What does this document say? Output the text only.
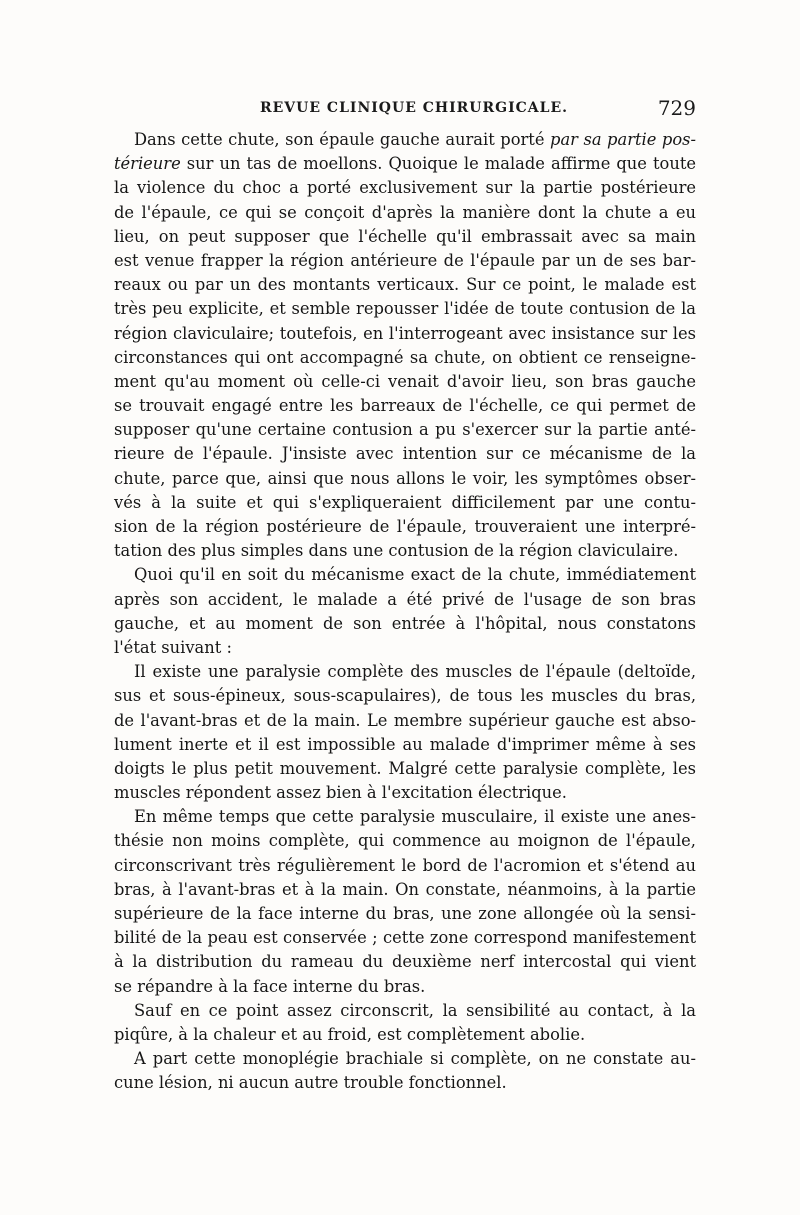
REVUE CLINIQUE CHIRURGICALE.	729
Dans cette chute, son épaule gauche aurait porté par sa partie pos-
térieure sur un tas de moellons. Quoique le malade affirme que toute
la violence du choc a porté exclusivement sur la partie postérieure
de l'épaule, ce qui se conçoit d'après la manière dont la chute a eu
lieu, on peut supposer que l'échelle qu'il embrassait avec sa main
est venue frapper la région antérieure de l'épaule par un de ses bar-
reaux ou par un des montants verticaux. Sur ce point, le malade est
très peu explicite, et semble repousser l'idée de toute contusion de la
région claviculaire; toutefois, en l'interrogeant avec insistance sur les
circonstances qui ont accompagné sa chute, on obtient ce renseigne-
ment qu'au moment où celle-ci venait d'avoir lieu, son bras gauche
se trouvait engagé entre les barreaux de l'échelle, ce qui permet de
supposer qu'une certaine contusion a pu s'exercer sur la partie anté-
rieure de l'épaule. J'insiste avec intention sur ce mécanisme de la
chute, parce que, ainsi que nous allons le voir, les symptômes obser-
vés à la suite et qui s'expliqueraient difficilement par une contu-
sion de la région postérieure de l'épaule, trouveraient une interpré-
tation des plus simples dans une contusion de la région claviculaire.
Quoi qu'il en soit du mécanisme exact de la chute, immédiatement
après son accident, le malade a été privé de l'usage de son bras
gauche, et au moment de son entrée à l'hôpital, nous constatons
l'état suivant :
Il existe une paralysie complète des muscles de l'épaule (deltoïde,
sus et sous-épineux, sous-scapulaires), de tous les muscles du bras,
de l'avant-bras et de la main. Le membre supérieur gauche est abso-
lument inerte et il est impossible au malade d'imprimer même à ses
doigts le plus petit mouvement. Malgré cette paralysie complète, les
muscles répondent assez bien à l'excitation électrique.
En même temps que cette paralysie musculaire, il existe une anes-
thésie non moins complète, qui commence au moignon de l'épaule,
circonscrivant très régulièrement le bord de l'acromion et s'étend au
bras, à l'avant-bras et à la main. On constate, néanmoins, à la partie
supérieure de la face interne du bras, une zone allongée où la sensi-
bilité de la peau est conservée ; cette zone correspond manifestement
à la distribution du rameau du deuxième nerf intercostal qui vient
se répandre à la face interne du bras.
Sauf en ce point assez circonscrit, la sensibilité au contact, à la
piqûre, à la chaleur et au froid, est complètement abolie.
A part cette monoplégie brachiale si complète, on ne constate au-
cune lésion, ni aucun autre trouble fonctionnel.
